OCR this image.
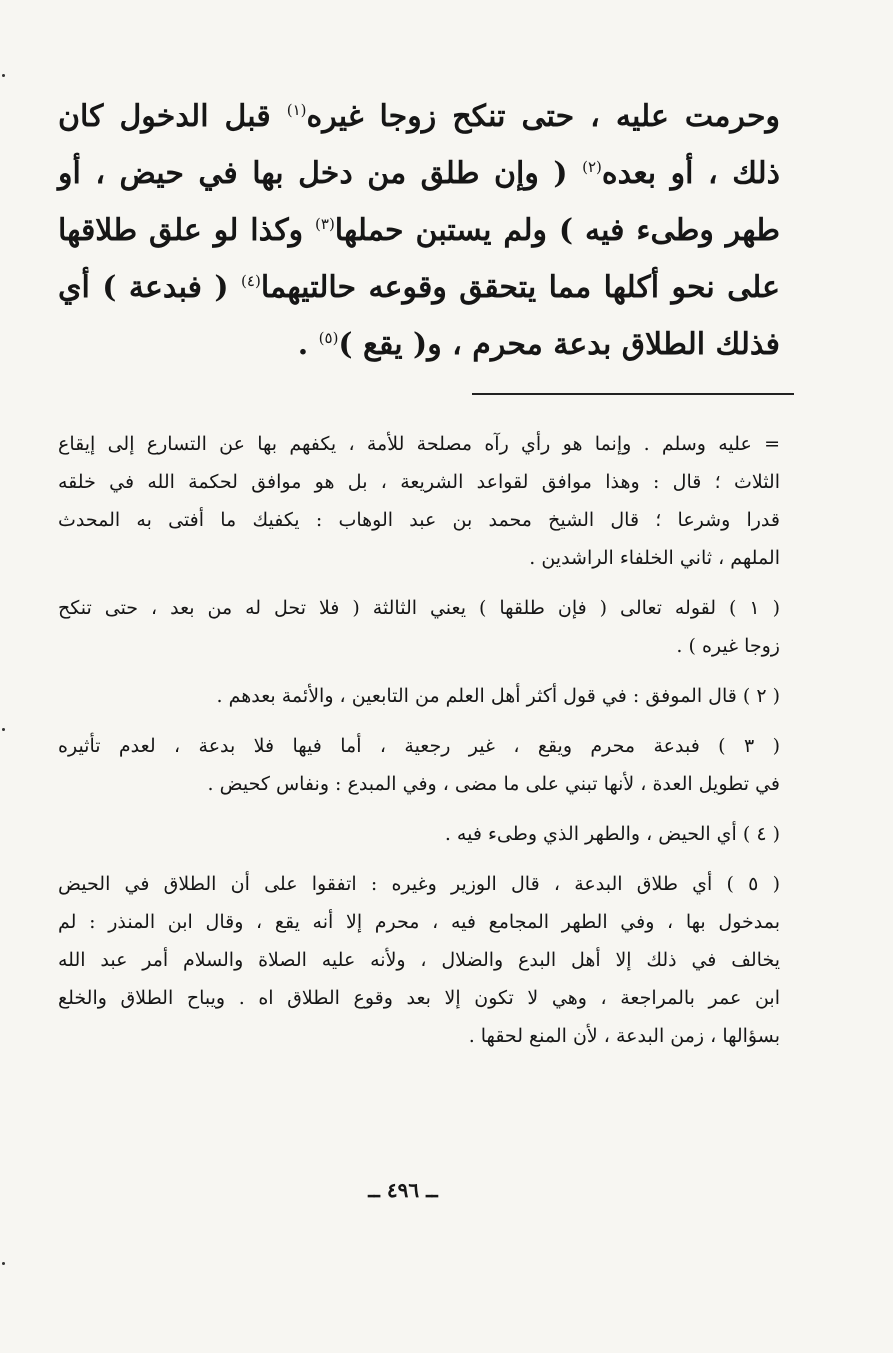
وحرمت عليه ، حتى تنكح زوجا غيره$^{(١)}$ قبل الدخول كان

ذلك ، أو بعده$^{(٢)}$ ( وإن طلق من دخل بها في حيض ، أو

طهر وطىء فيه ) ولم يستبن حملها$^{(٣)}$ وكذا لو علق طلاقها

على نحو أكلها مما يتحقق وقوعه حالتيهما$^{(٤)}$ ( فبدعة ) أي

فذلك الطلاق بدعة محرم ، و( يقع )$^{(٥)}$ .

= عليه وسلم . وإنما هو رأي رآه مصلحة للأمة ، يكفهم بها عن التسارع إلى إيقاع

الثلاث ؛ قال : وهذا موافق لقواعد الشريعة ، بل هو موافق لحكمة الله في خلقه

قدرا وشرعا ؛ قال الشيخ محمد بن عبد الوهاب : يكفيك ما أفتى به المحدث

الملهم ، ثاني الخلفاء الراشدين .

( ١ ) لقوله تعالى ( فإن طلقها ) يعني الثالثة ( فلا تحل له من بعد ، حتى تنكح

زوجا غيره ) .

( ٢ ) قال الموفق : في قول أكثر أهل العلم من التابعين ، والأئمة بعدهم .

( ٣ ) فبدعة محرم ويقع ، غير رجعية ، أما فيها فلا بدعة ، لعدم تأثيره

في تطويل العدة ، لأنها تبني على ما مضى ، وفي المبدع : ونفاس كحيض .

( ٤ ) أي الحيض ، والطهر الذي وطىء فيه .

( ٥ ) أي طلاق البدعة ، قال الوزير وغيره : اتفقوا على أن الطلاق في الحيض

بمدخول بها ، وفي الطهر المجامع فيه ، محرم إلا أنه يقع ، وقال ابن المنذر : لم

يخالف في ذلك إلا أهل البدع والضلال ، ولأنه عليه الصلاة والسلام أمر عبد الله

ابن عمر بالمراجعة ، وهي لا تكون إلا بعد وقوع الطلاق اه . ويباح الطلاق والخلع

بسؤالها ، زمن البدعة ، لأن المنع لحقها .

ــ ٤٩٦ ــ
